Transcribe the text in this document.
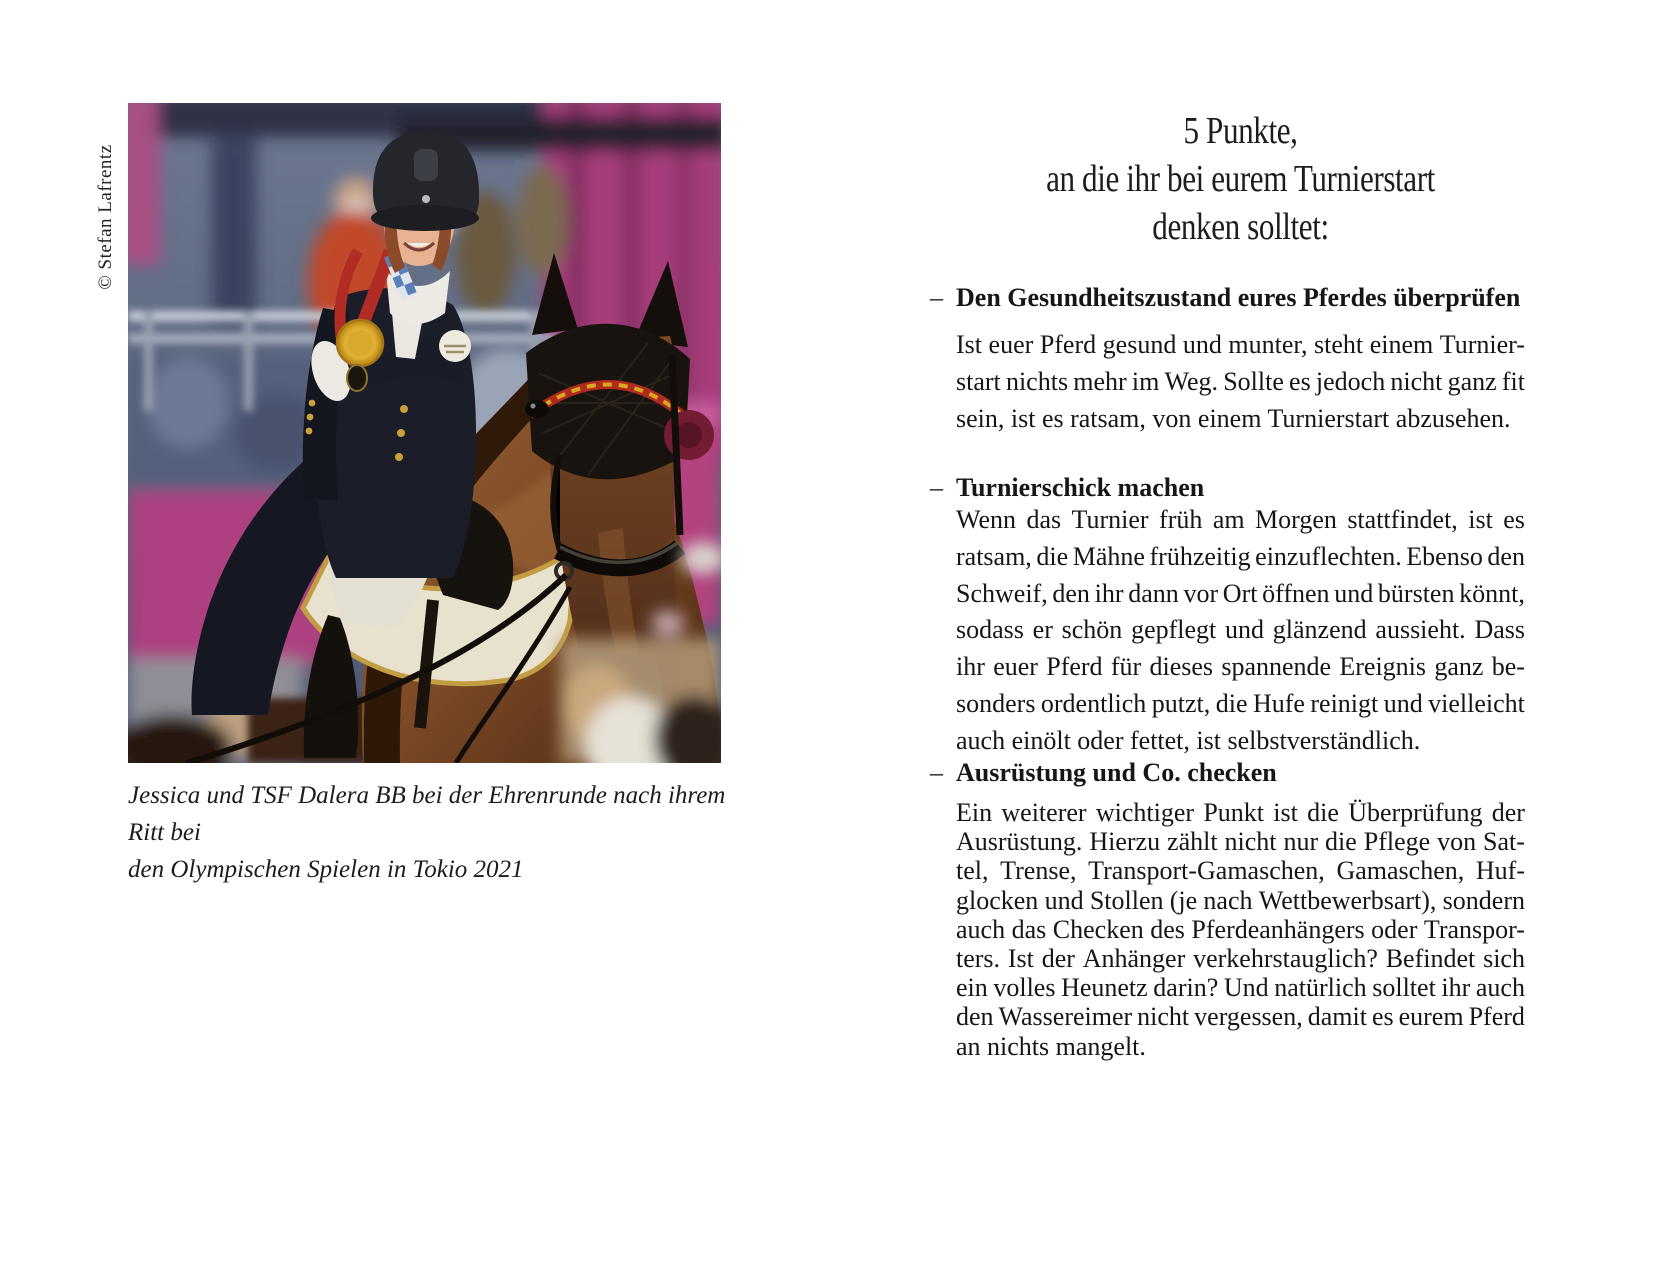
© Stefan Lafrentz
Jessica und TSF Dalera BB bei der Ehrenrunde nach ihrem Ritt bei
den Olympischen Spielen in Tokio 2021
5 Punkte,
an die ihr bei eurem Turnierstart
denken solltet:
– Den Gesundheitszustand eures Pferdes überprüfen
Ist euer Pferd gesund und munter, steht einem Turnier-
start nichts mehr im Weg. Sollte es jedoch nicht ganz fit
sein, ist es ratsam, von einem Turnierstart abzusehen.
– Turnierschick machen
Wenn das Turnier früh am Morgen stattfindet, ist es
ratsam, die Mähne frühzeitig einzuflechten. Ebenso den
Schweif, den ihr dann vor Ort öffnen und bürsten könnt,
sodass er schön gepflegt und glänzend aussieht. Dass
ihr euer Pferd für dieses spannende Ereignis ganz be-
sonders ordentlich putzt, die Hufe reinigt und vielleicht
auch einölt oder fettet, ist selbstverständlich.
– Ausrüstung und Co. checken
Ein weiterer wichtiger Punkt ist die Überprüfung der
Ausrüstung. Hierzu zählt nicht nur die Pflege von Sat-
tel, Trense, Transport-Gamaschen, Gamaschen, Huf-
glocken und Stollen (je nach Wettbewerbsart), sondern
auch das Checken des Pferdeanhängers oder Transpor-
ters. Ist der Anhänger verkehrstauglich? Befindet sich
ein volles Heunetz darin? Und natürlich solltet ihr auch
den Wassereimer nicht vergessen, damit es eurem Pferd
an nichts mangelt.
